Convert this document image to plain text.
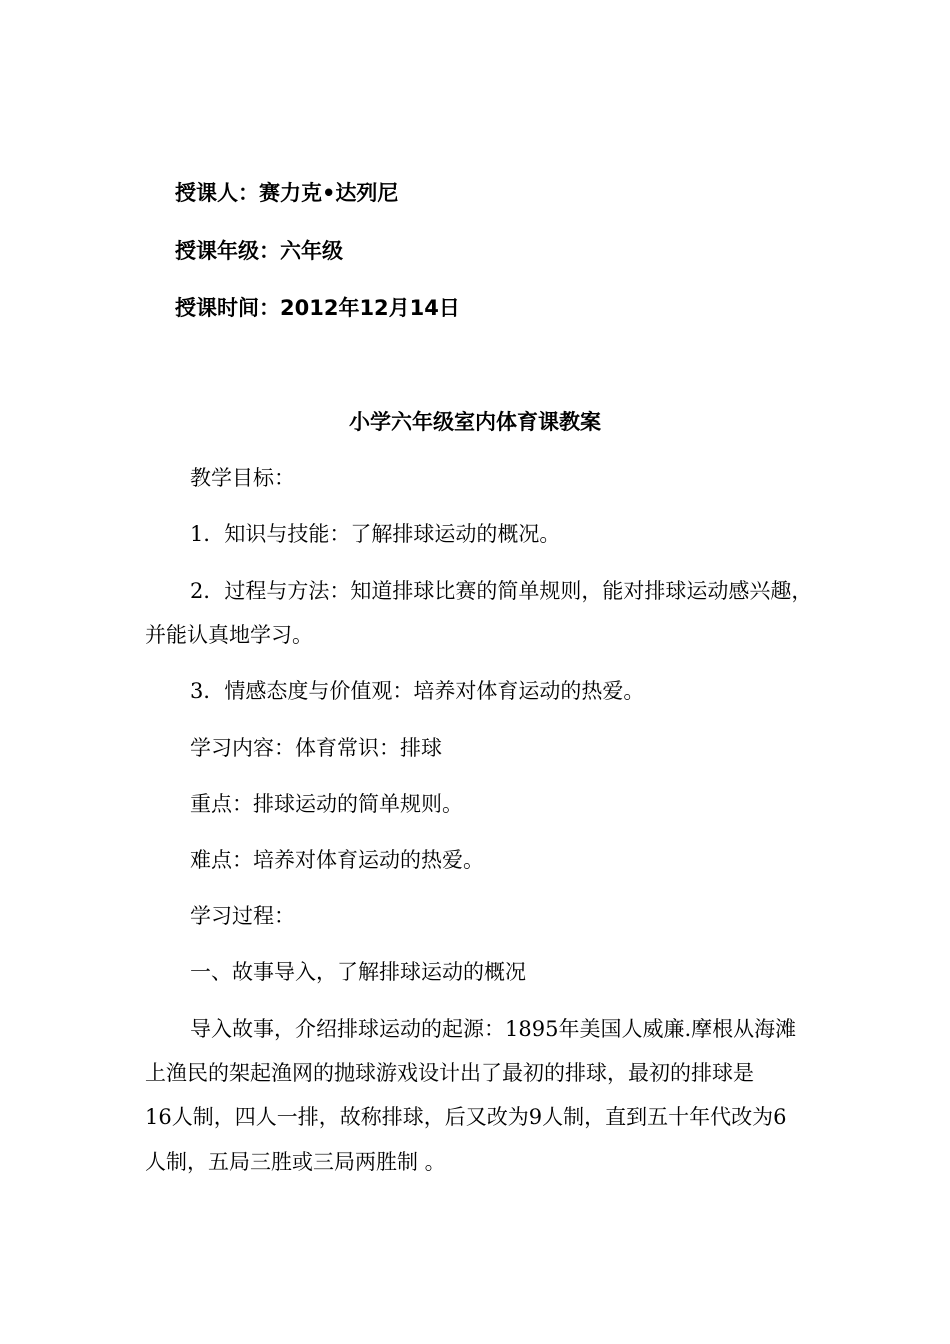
授课人：赛力克•达列尼
授课年级：六年级
授课时间：2012年12月14日
小学六年级室内体育课教案
教学目标：
1．知识与技能：了解排球运动的概况。
2．过程与方法：知道排球比赛的简单规则，能对排球运动感兴趣，
并能认真地学习。
3．情感态度与价值观：培养对体育运动的热爱。
学习内容：体育常识：排球
重点：排球运动的简单规则。
难点：培养对体育运动的热爱。
学习过程：
一、故事导入，了解排球运动的概况
导入故事，介绍排球运动的起源：1895年美国人威廉.摩根从海滩
上渔民的架起渔网的抛球游戏设计出了最初的排球，最初的排球是
16人制，四人一排，故称排球，后又改为9人制，直到五十年代改为6
人制，五局三胜或三局两胜制 。
